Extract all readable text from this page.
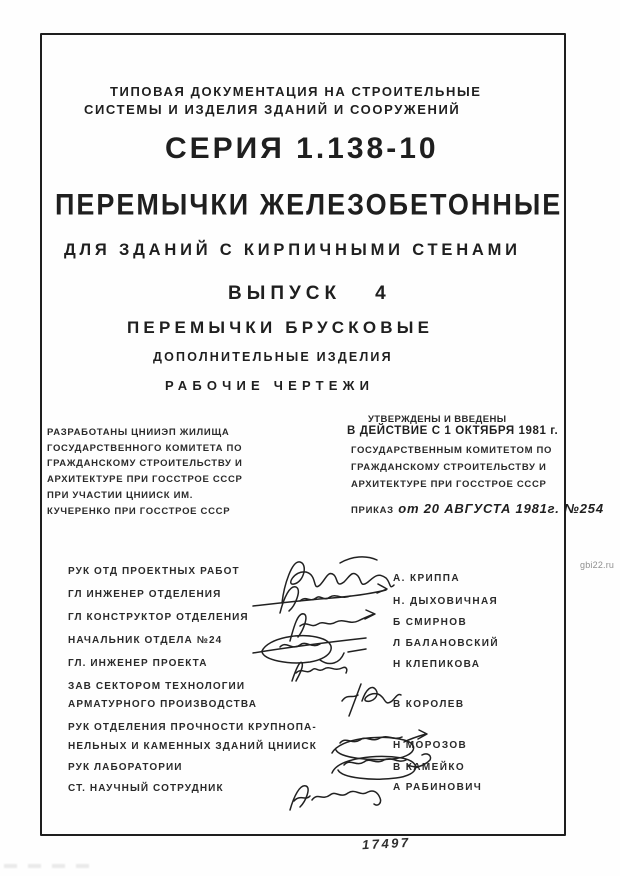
ТИПОВАЯ ДОКУМЕНТАЦИЯ НА СТРОИТЕЛЬНЫЕ
СИСТЕМЫ И ИЗДЕЛИЯ ЗДАНИЙ И СООРУЖЕНИЙ
СЕРИЯ 1.138-10
ПЕРЕМЫЧКИ ЖЕЛЕЗОБЕТОННЫЕ
ДЛЯ ЗДАНИЙ С КИРПИЧНЫМИ СТЕНАМИ
ВЫПУСК 4
ПЕРЕМЫЧКИ БРУСКОВЫЕ
ДОПОЛНИТЕЛЬНЫЕ ИЗДЕЛИЯ
РАБОЧИЕ ЧЕРТЕЖИ
РАЗРАБОТАНЫ ЦНИИЭП ЖИЛИЩА
ГОСУДАРСТВЕННОГО КОМИТЕТА ПО
ГРАЖДАНСКОМУ СТРОИТЕЛЬСТВУ И
АРХИТЕКТУРЕ ПРИ ГОССТРОЕ СССР
ПРИ УЧАСТИИ ЦНИИСК ИМ.
КУЧЕРЕНКО ПРИ ГОССТРОЕ СССР
УТВЕРЖДЕНЫ И ВВЕДЕНЫ
В ДЕЙСТВИЕ С 1 ОКТЯБРЯ 1981 г.
ГОСУДАРСТВЕННЫМ КОМИТЕТОМ ПО
ГРАЖДАНСКОМУ СТРОИТЕЛЬСТВУ И
АРХИТЕКТУРЕ ПРИ ГОССТРОЕ СССР
ПРИКАЗ от 20 АВГУСТА 1981г. №254
РУК ОТД ПРОЕКТНЫХ РАБОТ
ГЛ ИНЖЕНЕР ОТДЕЛЕНИЯ
ГЛ КОНСТРУКТОР ОТДЕЛЕНИЯ
НАЧАЛЬНИК ОТДЕЛА №24
ГЛ. ИНЖЕНЕР ПРОЕКТА
ЗАВ СЕКТОРОМ ТЕХНОЛОГИИ
АРМАТУРНОГО ПРОИЗВОДСТВА
РУК ОТДЕЛЕНИЯ ПРОЧНОСТИ КРУПНОПА-
НЕЛЬНЫХ И КАМЕННЫХ ЗДАНИЙ ЦНИИСК
РУК ЛАБОРАТОРИИ
СТ. НАУЧНЫЙ СОТРУДНИК
А. КРИППА
Н. ДЫХОВИЧНАЯ
Б СМИРНОВ
Л БАЛАНОВСКИЙ
Н КЛЕПИКОВА
В КОРОЛЕВ
Н МОРОЗОВ
В КАМЕЙКО
А РАБИНОВИЧ
17497
gbi22.ru
